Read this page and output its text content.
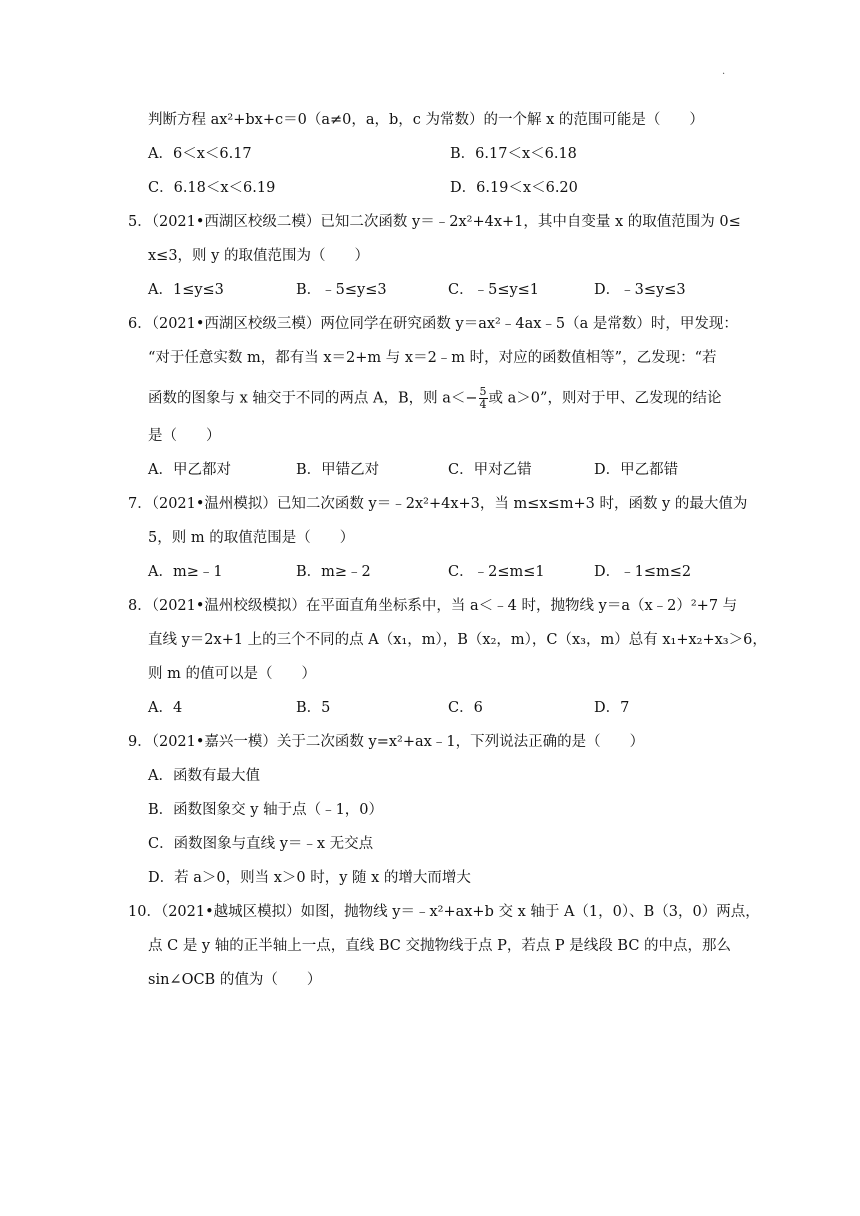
.
判断方程 ax²+bx+c＝0（a≠0，a，b，c 为常数）的一个解 x 的范围可能是（　　）
A．6＜x＜6.17	B．6.17＜x＜6.18
C．6.18＜x＜6.19	D．6.19＜x＜6.20
5．（2021•西湖区校级二模）已知二次函数 y＝﹣2x²+4x+1，其中自变量 x 的取值范围为 0≤
x≤3，则 y 的取值范围为（　　）
A．1≤y≤3	B．﹣5≤y≤3	C．﹣5≤y≤1	D．﹣3≤y≤3
6．（2021•西湖区校级三模）两位同学在研究函数 y＝ax²﹣4ax﹣5（a 是常数）时，甲发现：
“对于任意实数 m，都有当 x＝2+m 与 x＝2﹣m 时，对应的函数值相等”，乙发现：“若
函数的图象与 x 轴交于不同的两点 A，B，则 $a<- \frac{5}{4}$ 或 a＞0”，则对于甲、乙发现的结论
是（　　）
A．甲乙都对	B．甲错乙对	C．甲对乙错	D．甲乙都错
7．（2021•温州模拟）已知二次函数 y＝﹣2x²+4x+3，当 m≤x≤m+3 时，函数 y 的最大值为
5，则 m 的取值范围是（　　）
A．m≥﹣1	B．m≥﹣2	C．﹣2≤m≤1	D．﹣1≤m≤2
8．（2021•温州校级模拟）在平面直角坐标系中，当 a＜﹣4 时，抛物线 y＝a（x﹣2）²+7 与
直线 y＝2x+1 上的三个不同的点 A（x₁，m），B（x₂，m），C（x₃，m）总有 x₁+x₂+x₃＞6，
则 m 的值可以是（　　）
A．4	B．5	C．6	D．7
9．（2021•嘉兴一模）关于二次函数 y=x²+ax﹣1，下列说法正确的是（　　）
A．函数有最大值
B．函数图象交 y 轴于点（﹣1，0）
C．函数图象与直线 y＝﹣x 无交点
D．若 a＞0，则当 x＞0 时，y 随 x 的增大而增大
10．（2021•越城区模拟）如图，抛物线 y＝﹣x²+ax+b 交 x 轴于 A（1，0）、B（3，0）两点，
点 C 是 y 轴的正半轴上一点，直线 BC 交抛物线于点 P，若点 P 是线段 BC 的中点，那么
sin∠OCB 的值为（　　）
